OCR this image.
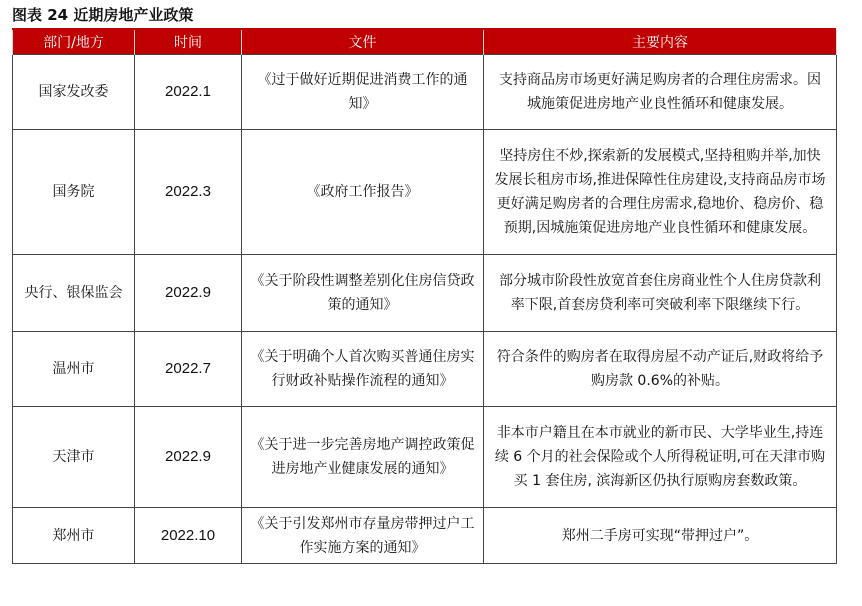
图表 24 近期房地产业政策
部门/地方	时间	文件	主要内容
国家发改委	2022.1	《过于做好近期促进消费工作的通知》	支持商品房市场更好满足购房者的合理住房需求。因城施策促进房地产业良性循环和健康发展。
国务院	2022.3	《政府工作报告》	坚持房住不炒,探索新的发展模式,坚持租购并举,加快发展长租房市场,推进保障性住房建设,支持商品房市场更好满足购房者的合理住房需求,稳地价、稳房价、稳预期,因城施策促进房地产业良性循环和健康发展。
央行、银保监会	2022.9	《关于阶段性调整差别化住房信贷政策的通知》	部分城市阶段性放宽首套住房商业性个人住房贷款利率下限,首套房贷利率可突破利率下限继续下行。
温州市	2022.7	《关于明确个人首次购买普通住房实行财政补贴操作流程的通知》	符合条件的购房者在取得房屋不动产证后,财政将给予购房款 0.6%的补贴。
天津市	2022.9	《关于进一步完善房地产调控政策促进房地产业健康发展的通知》	非本市户籍且在本市就业的新市民、大学毕业生,持连续 6 个月的社会保险或个人所得税证明,可在天津市购买 1 套住房, 滨海新区仍执行原购房套数政策。
郑州市	2022.10	《关于引发郑州市存量房带押过户工作实施方案的通知》	郑州二手房可实现“带押过户”。
